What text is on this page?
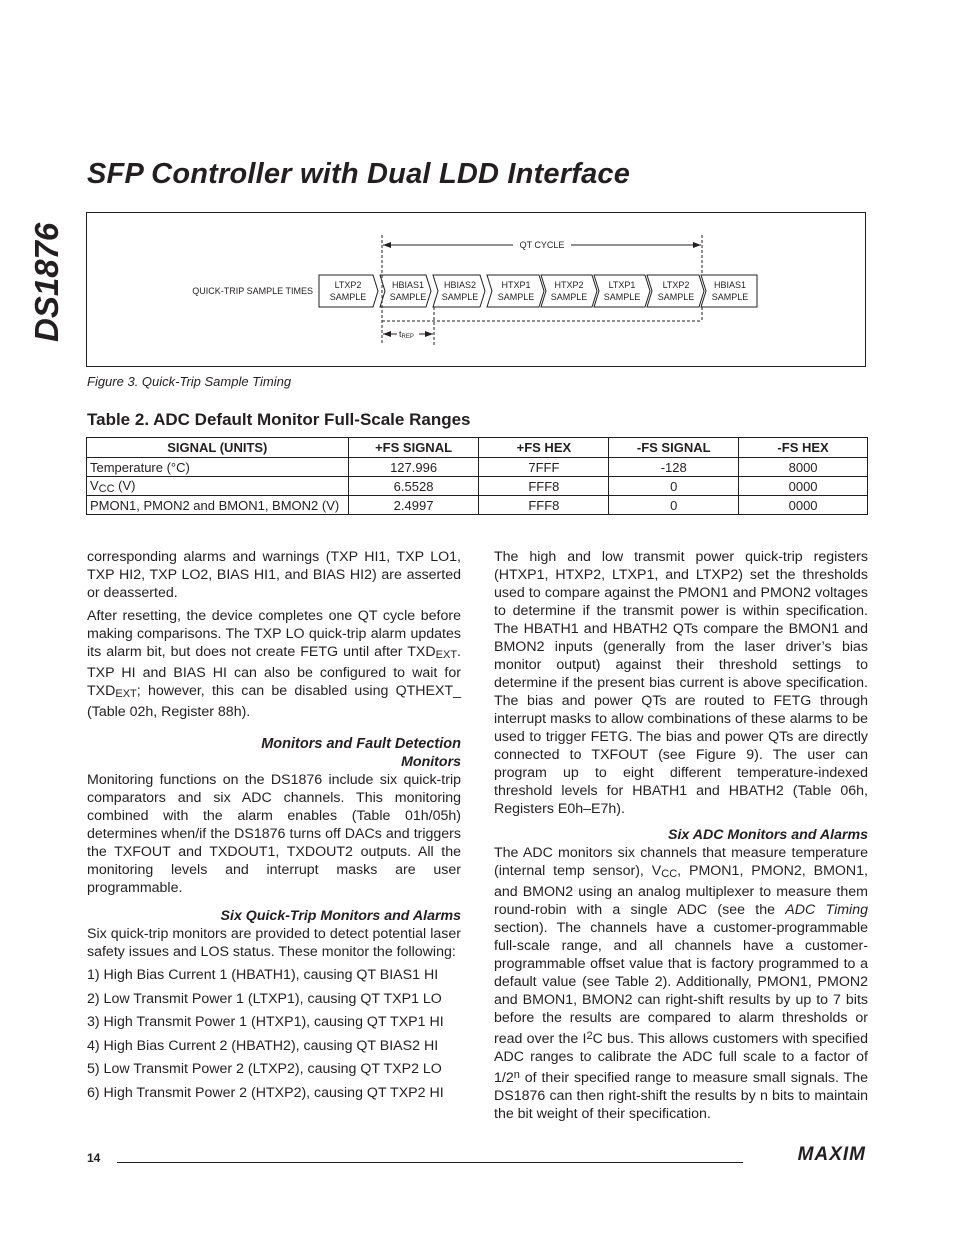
DS1876
SFP Controller with Dual LDD Interface
QUICK-TRIP SAMPLE TIMES
QT CYCLE
LTXP2
SAMPLE
HBIAS1
SAMPLE
HBIAS2
SAMPLE
HTXP1
SAMPLE
HTXP2
SAMPLE
LTXP1
SAMPLE
LTXP2
SAMPLE
HBIAS1
SAMPLE
tREP
Figure 3. Quick-Trip Sample Timing
Table 2. ADC Default Monitor Full-Scale Ranges
SIGNAL (UNITS)	+FS SIGNAL	+FS HEX	-FS SIGNAL	-FS HEX
Temperature (°C)	127.996	7FFF	-128	8000
VCC (V)	6.5528	FFF8	0	0000
PMON1, PMON2 and BMON1, BMON2 (V)	2.4997	FFF8	0	0000

corresponding alarms and warnings (TXP HI1, TXP LO1, TXP HI2, TXP LO2, BIAS HI1, and BIAS HI2) are asserted or deasserted.

After resetting, the device completes one QT cycle before making comparisons. The TXP LO quick-trip alarm updates its alarm bit, but does not create FETG until after TXDEXT. TXP HI and BIAS HI can also be configured to wait for TXDEXT; however, this can be disabled using QTHEXT_ (Table 02h, Register 88h).

Monitors and Fault Detection
Monitors

Monitoring functions on the DS1876 include six quick-trip comparators and six ADC channels. This monitoring combined with the alarm enables (Table 01h/05h) determines when/if the DS1876 turns off DACs and triggers the TXFOUT and TXDOUT1, TXDOUT2 outputs. All the monitoring levels and interrupt masks are user programmable.

Six Quick-Trip Monitors and Alarms

Six quick-trip monitors are provided to detect potential laser safety issues and LOS status. These monitor the following:

1) High Bias Current 1 (HBATH1), causing QT BIAS1 HI
2) Low Transmit Power 1 (LTXP1), causing QT TXP1 LO
3) High Transmit Power 1 (HTXP1), causing QT TXP1 HI
4) High Bias Current 2 (HBATH2), causing QT BIAS2 HI
5) Low Transmit Power 2 (LTXP2), causing QT TXP2 LO
6) High Transmit Power 2 (HTXP2), causing QT TXP2 HI

The high and low transmit power quick-trip registers (HTXP1, HTXP2, LTXP1, and LTXP2) set the thresholds used to compare against the PMON1 and PMON2 voltages to determine if the transmit power is within specification. The HBATH1 and HBATH2 QTs compare the BMON1 and BMON2 inputs (generally from the laser driver’s bias monitor output) against their threshold settings to determine if the present bias current is above specification. The bias and power QTs are routed to FETG through interrupt masks to allow combinations of these alarms to be used to trigger FETG. The bias and power QTs are directly connected to TXFOUT (see Figure 9). The user can program up to eight different temperature-indexed threshold levels for HBATH1 and HBATH2 (Table 06h, Registers E0h–E7h).

Six ADC Monitors and Alarms

The ADC monitors six channels that measure temperature (internal temp sensor), VCC, PMON1, PMON2, BMON1, and BMON2 using an analog multiplexer to measure them round-robin with a single ADC (see the ADC Timing section). The channels have a customer-programmable full-scale range, and all channels have a customer-programmable offset value that is factory programmed to a default value (see Table 2). Additionally, PMON1, PMON2 and BMON1, BMON2 can right-shift results by up to 7 bits before the results are compared to alarm thresholds or read over the $I^2C$ bus. This allows customers with specified ADC ranges to calibrate the ADC full scale to a factor of 1/2$^n$ of their specified range to measure small signals. The DS1876 can then right-shift the results by n bits to maintain the bit weight of their specification.

14	MAXIM
